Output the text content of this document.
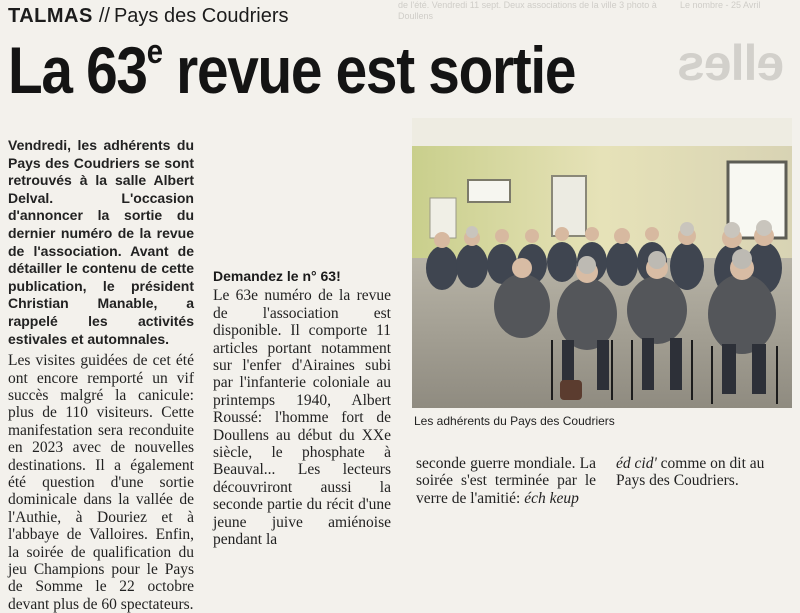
de l'été. Vendredi 11 sept. Deux associations de la ville 3 photo à Doullens
Le nombre - 25 Avril
elles
TALMAS // Pays des Coudriers
La 63e revue est sortie

Vendredi, les adhérents du Pays des Coudriers se sont retrouvés à la salle Albert Delval. L'occasion d'annoncer la sortie du dernier numéro de la revue de l'association. Avant de détailler le contenu de cette publication, le président Christian Manable, a rappelé les activités estivales et automnales.

Les visites guidées de cet été ont encore remporté un vif succès malgré la canicule: plus de 110 visiteurs. Cette manifestation sera reconduite en 2023 avec de nouvelles destinations. Il a également été question d'une sortie dominicale dans la vallée de l'Authie, à Douriez et à l'abbaye de Valloires. Enfin, la soirée de qualification du jeu Champions pour le Pays de Somme le 22 octobre devant plus de 60 spectateurs.

Demandez le n° 63!

Le 63e numéro de la revue de l'association est disponible. Il comporte 11 articles portant notamment sur l'enfer d'Airaines subi par l'infanterie coloniale au printemps 1940, Albert Roussé: l'homme fort de Doullens au début du XXe siècle, le phosphate à Beauval... Les lecteurs découvriront aussi la seconde partie du récit d'une jeune juive amiénoise pendant la

Les adhérents du Pays des Coudriers

seconde guerre mondiale. La soirée s'est terminée par le verre de l'amitié: éch keup

éd cid' comme on dit au Pays des Coudriers.
